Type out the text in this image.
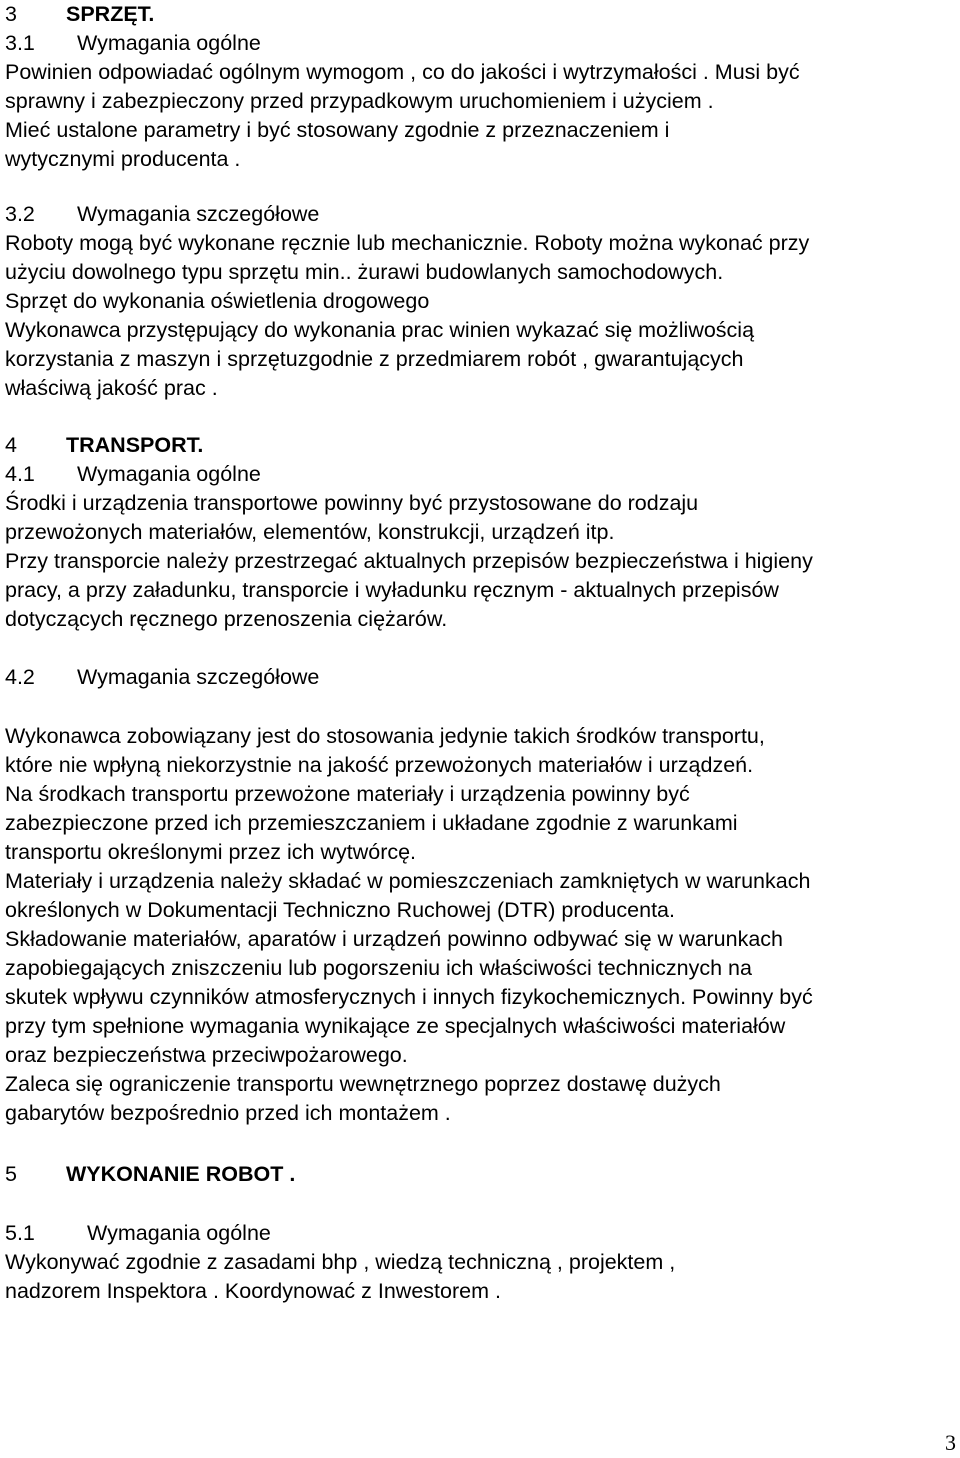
3 SPRZĘT.

3.1 Wymagania ogólne

Powinien odpowiadać ogólnym wymogom , co do jakości i wytrzymałości . Musi być

sprawny i zabezpieczony przed przypadkowym uruchomieniem i użyciem .

Mieć ustalone parametry i być stosowany zgodnie z przeznaczeniem i

wytycznymi producenta .

3.2 Wymagania szczegółowe

Roboty mogą być wykonane ręcznie lub mechanicznie. Roboty można wykonać przy

użyciu dowolnego typu sprzętu min.. żurawi budowlanych samochodowych.

Sprzęt do wykonania oświetlenia drogowego

Wykonawca przystępujący do wykonania prac winien wykazać się możliwością

korzystania z maszyn i sprzętuzgodnie z przedmiarem robót , gwarantujących

właściwą jakość prac .

4 TRANSPORT.

4.1 Wymagania ogólne

Środki i urządzenia transportowe powinny być przystosowane do rodzaju

przewożonych materiałów, elementów, konstrukcji, urządzeń itp.

Przy transporcie należy przestrzegać aktualnych przepisów bezpieczeństwa i higieny

pracy, a przy załadunku, transporcie i wyładunku ręcznym - aktualnych przepisów

dotyczących ręcznego przenoszenia ciężarów.

4.2 Wymagania szczegółowe

Wykonawca zobowiązany jest do stosowania jedynie takich środków transportu,

które nie wpłyną niekorzystnie na jakość przewożonych materiałów i urządzeń.

Na środkach transportu przewożone materiały i urządzenia powinny być

zabezpieczone przed ich przemieszczaniem i układane zgodnie z warunkami

transportu określonymi przez ich wytwórcę.

Materiały i urządzenia należy składać w pomieszczeniach zamkniętych w warunkach

określonych w Dokumentacji Techniczno Ruchowej (DTR) producenta.

Składowanie materiałów, aparatów i urządzeń powinno odbywać się w warunkach

zapobiegających zniszczeniu lub pogorszeniu ich właściwości technicznych na

skutek wpływu czynników atmosferycznych i innych fizykochemicznych. Powinny być

przy tym spełnione wymagania wynikające ze specjalnych właściwości materiałów

oraz bezpieczeństwa przeciwpożarowego.

Zaleca się ograniczenie transportu wewnętrznego poprzez dostawę dużych

gabarytów bezpośrednio przed ich montażem .

5 WYKONANIE ROBOT .

5.1 Wymagania ogólne

Wykonywać zgodnie z zasadami bhp , wiedzą techniczną , projektem ,

nadzorem Inspektora . Koordynować z Inwestorem .

3
